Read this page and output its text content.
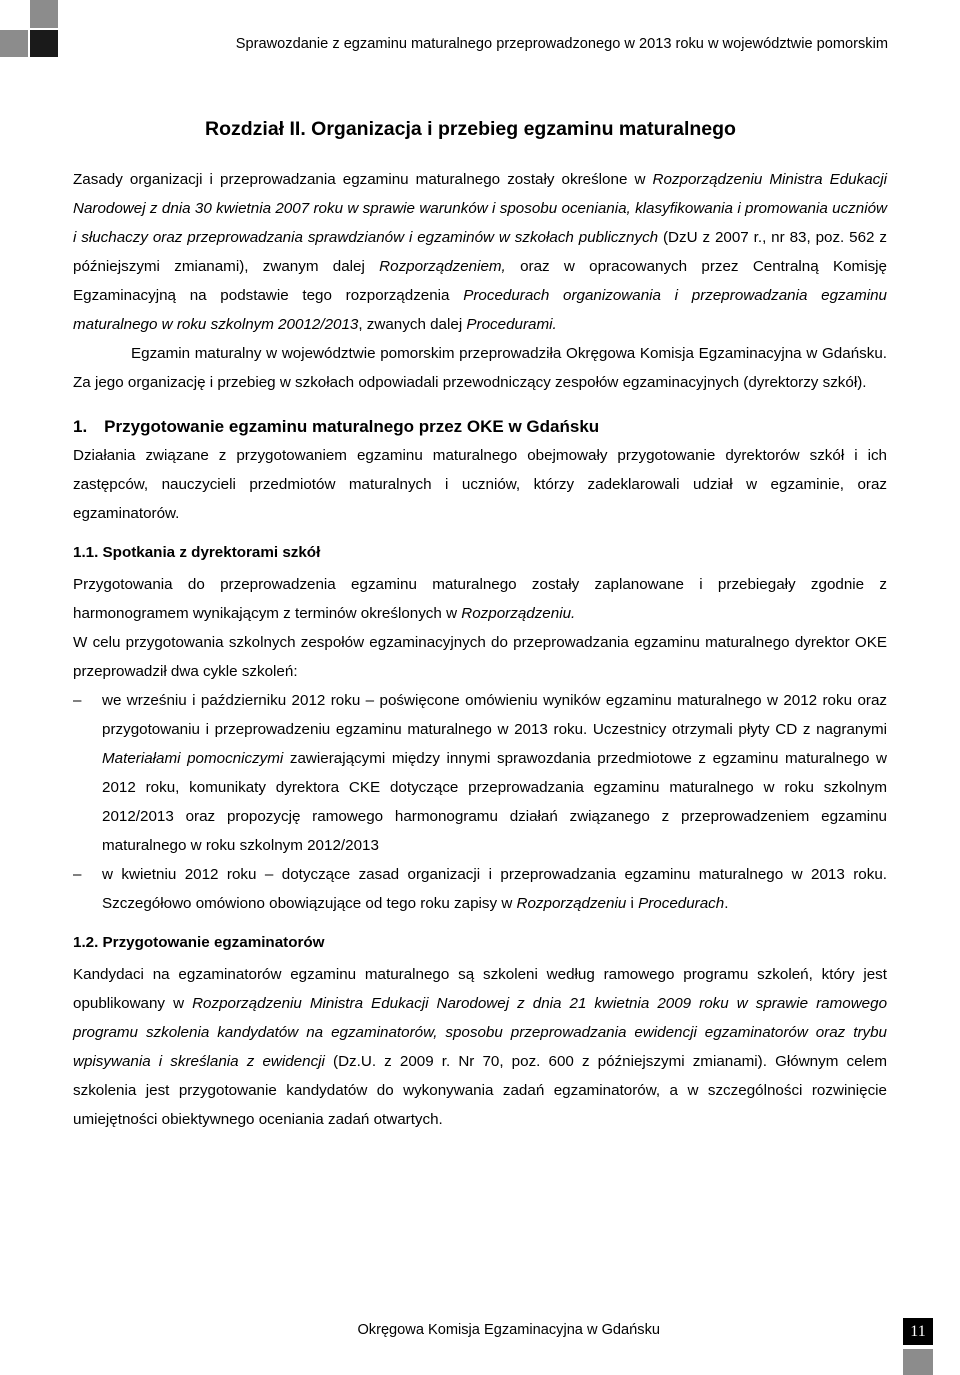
Sprawozdanie z egzaminu maturalnego przeprowadzonego w 2013 roku w województwie pomorskim
Rozdział II. Organizacja i przebieg egzaminu maturalnego

Zasady organizacji i przeprowadzania egzaminu maturalnego zostały określone w Rozporządzeniu Ministra Edukacji Narodowej z dnia 30 kwietnia 2007 roku w sprawie warunków i sposobu oceniania, klasyfikowania i promowania uczniów i słuchaczy oraz przeprowadzania sprawdzianów i egzaminów w szkołach publicznych (DzU z 2007 r., nr 83, poz. 562 z późniejszymi zmianami), zwanym dalej Rozporządzeniem, oraz w opracowanych przez Centralną Komisję Egzaminacyjną na podstawie tego rozporządzenia Procedurach organizowania i przeprowadzania egzaminu maturalnego w roku szkolnym 20012/2013, zwanych dalej Procedurami.

Egzamin maturalny w województwie pomorskim przeprowadziła Okręgowa Komisja Egzaminacyjna w Gdańsku. Za jego organizację i przebieg w szkołach odpowiadali przewodniczący zespołów egzaminacyjnych (dyrektorzy szkół).

1. Przygotowanie egzaminu maturalnego przez OKE w Gdańsku

Działania związane z przygotowaniem egzaminu maturalnego obejmowały przygotowanie dyrektorów szkół i ich zastępców, nauczycieli przedmiotów maturalnych i uczniów, którzy zadeklarowali udział w egzaminie, oraz egzaminatorów.

1.1. Spotkania z dyrektorami szkół

Przygotowania do przeprowadzenia egzaminu maturalnego zostały zaplanowane i przebiegały zgodnie z harmonogramem wynikającym z terminów określonych w Rozporządzeniu.

W celu przygotowania szkolnych zespołów egzaminacyjnych do przeprowadzania egzaminu maturalnego dyrektor OKE przeprowadził dwa cykle szkoleń:

– we wrześniu i październiku 2012 roku – poświęcone omówieniu wyników egzaminu maturalnego w 2012 roku oraz przygotowaniu i przeprowadzeniu egzaminu maturalnego w 2013 roku. Uczestnicy otrzymali płyty CD z nagranymi Materiałami pomocniczymi zawierającymi między innymi sprawozdania przedmiotowe z egzaminu maturalnego w 2012 roku, komunikaty dyrektora CKE dotyczące przeprowadzania egzaminu maturalnego w roku szkolnym 2012/2013 oraz propozycję ramowego harmonogramu działań związanego z przeprowadzeniem egzaminu maturalnego w roku szkolnym 2012/2013
– w kwietniu 2012 roku – dotyczące zasad organizacji i przeprowadzania egzaminu maturalnego w 2013 roku. Szczegółowo omówiono obowiązujące od tego roku zapisy w Rozporządzeniu i Procedurach.
1.2. Przygotowanie egzaminatorów

Kandydaci na egzaminatorów egzaminu maturalnego są szkoleni według ramowego programu szkoleń, który jest opublikowany w Rozporządzeniu Ministra Edukacji Narodowej z dnia 21 kwietnia 2009 roku w sprawie ramowego programu szkolenia kandydatów na egzaminatorów, sposobu przeprowadzania ewidencji egzaminatorów oraz trybu wpisywania i skreślania z ewidencji (Dz.U. z 2009 r. Nr 70, poz. 600 z późniejszymi zmianami). Głównym celem szkolenia jest przygotowanie kandydatów do wykonywania zadań egzaminatorów, a w szczególności rozwinięcie umiejętności obiektywnego oceniania zadań otwartych.

Okręgowa Komisja Egzaminacyjna w Gdańsku	11
